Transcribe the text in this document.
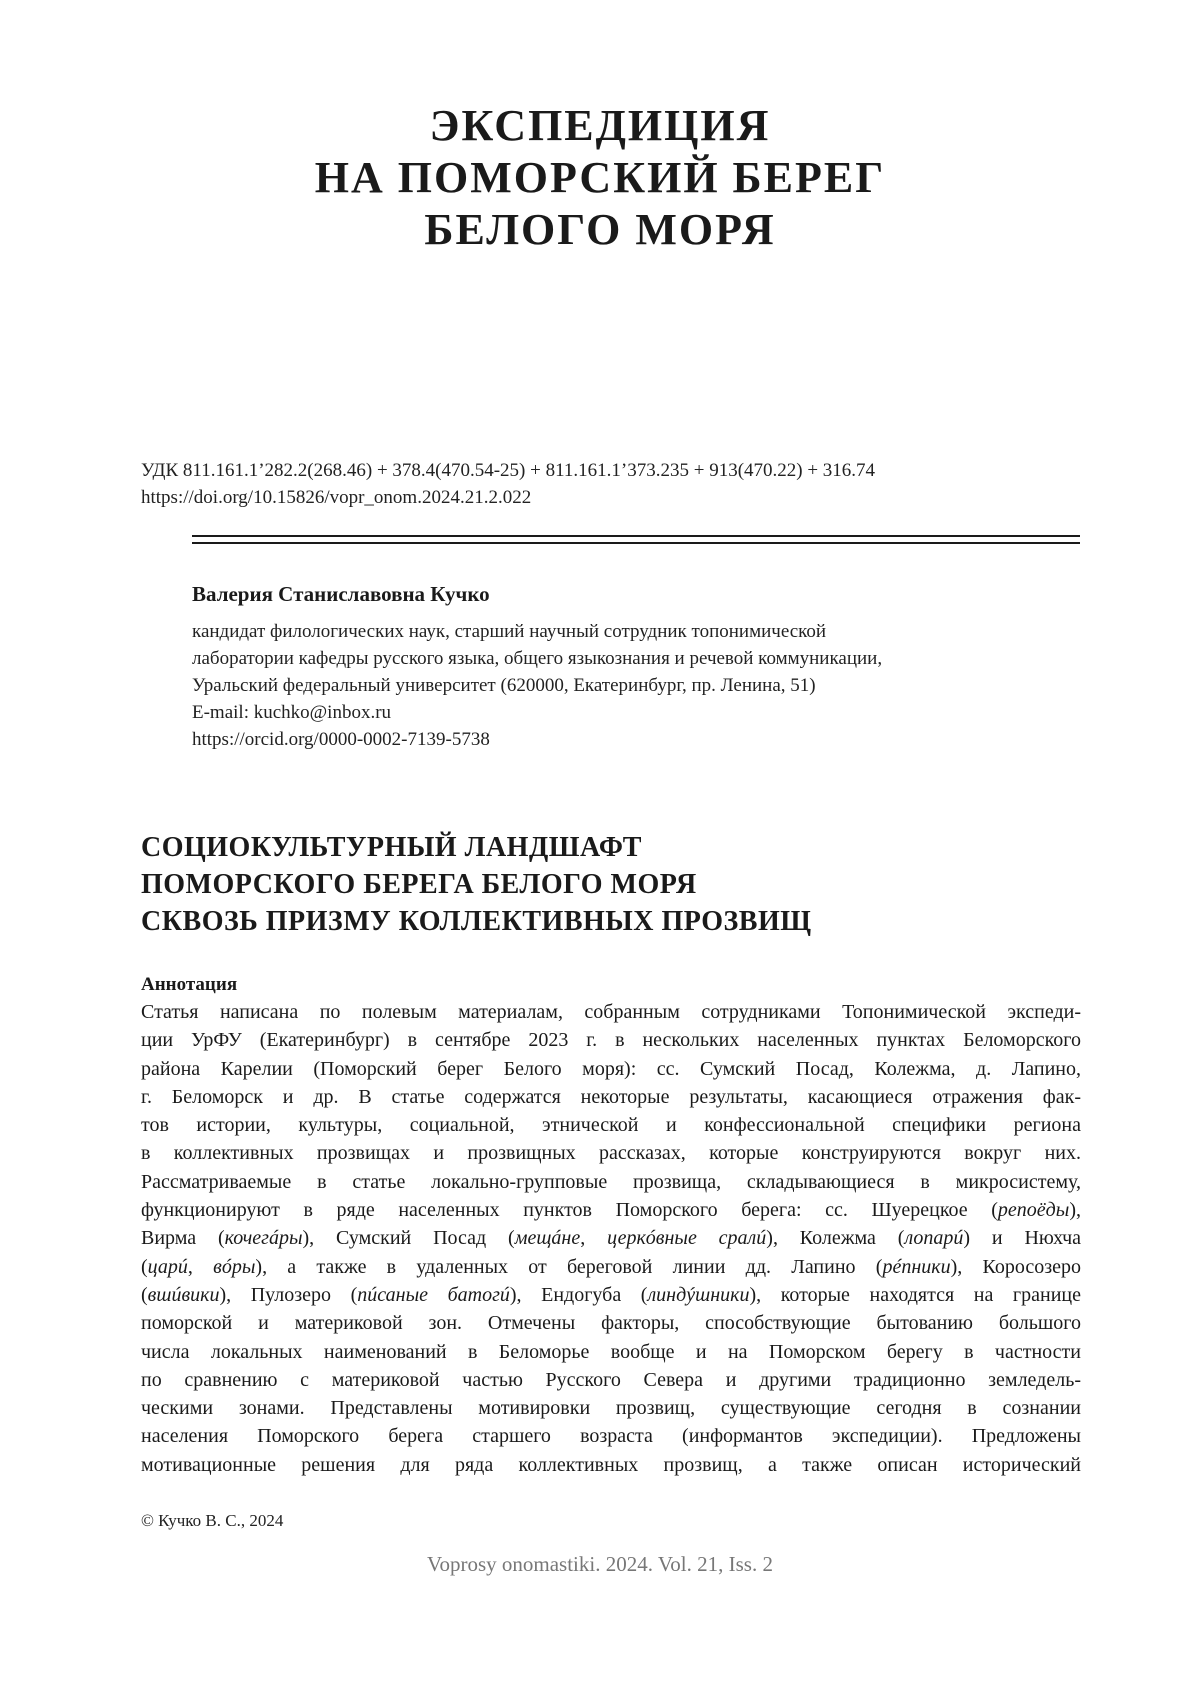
ЭКСПЕДИЦИЯ
НА ПОМОРСКИЙ БЕРЕГ
БЕЛОГО МОРЯ
УДК 811.161.1’282.2(268.46) + 378.4(470.54-25) + 811.161.1’373.235 + 913(470.22) + 316.74
https://doi.org/10.15826/vopr_onom.2024.21.2.022
Валерия Станиславовна Кучко
кандидат филологических наук, старший научный сотрудник топонимической
лаборатории кафедры русского языка, общего языкознания и речевой коммуникации,
Уральский федеральный университет (620000, Екатеринбург, пр. Ленина, 51)
E-mail: kuchko@inbox.ru
https://orcid.org/0000-0002-7139-5738
СОЦИОКУЛЬТУРНЫЙ ЛАНДШАФТ
ПОМОРСКОГО БЕРЕГА БЕЛОГО МОРЯ
СКВОЗЬ ПРИЗМУ КОЛЛЕКТИВНЫХ ПРОЗВИЩ
Аннотация
Статья написана по полевым материалам, собранным сотрудниками Топонимической экспеди-
ции УрФУ (Екатеринбург) в сентябре 2023 г. в нескольких населенных пунктах Беломорского
района Карелии (Поморский берег Белого моря): сс. Сумский Посад, Колежма, д. Лапино,
г. Беломорск и др. В статье содержатся некоторые результаты, касающиеся отражения фак-
тов истории, культуры, социальной, этнической и конфессиональной специфики региона
в коллективных прозвищах и прозвищных рассказах, которые конструируются вокруг них.
Рассматриваемые в статье локально-групповые прозвища, складывающиеся в микросистему,
функционируют в ряде населенных пунктов Поморского берега: сс. Шуерецкое (репоёды),
Вирма (кочегáры), Сумский Посад (мещáне, церкóвные сралú), Колежма (лопарú) и Нюхча
(царú, вóры), а также в удаленных от береговой линии дд. Лапино (рéпники), Коросозеро
(вшúвики), Пулозеро (пúсаные батогú), Ендогуба (линдýшники), которые находятся на границе
поморской и материковой зон. Отмечены факторы, способствующие бытованию большого
числа локальных наименований в Беломорье вообще и на Поморском берегу в частности
по сравнению с материковой частью Русского Севера и другими традиционно земледель-
ческими зонами. Представлены мотивировки прозвищ, существующие сегодня в сознании
населения Поморского берега старшего возраста (информантов экспедиции). Предложены
мотивационные решения для ряда коллективных прозвищ, а также описан исторический
© Кучко В. С., 2024
Voprosy onomastiki. 2024. Vol. 21, Iss. 2
